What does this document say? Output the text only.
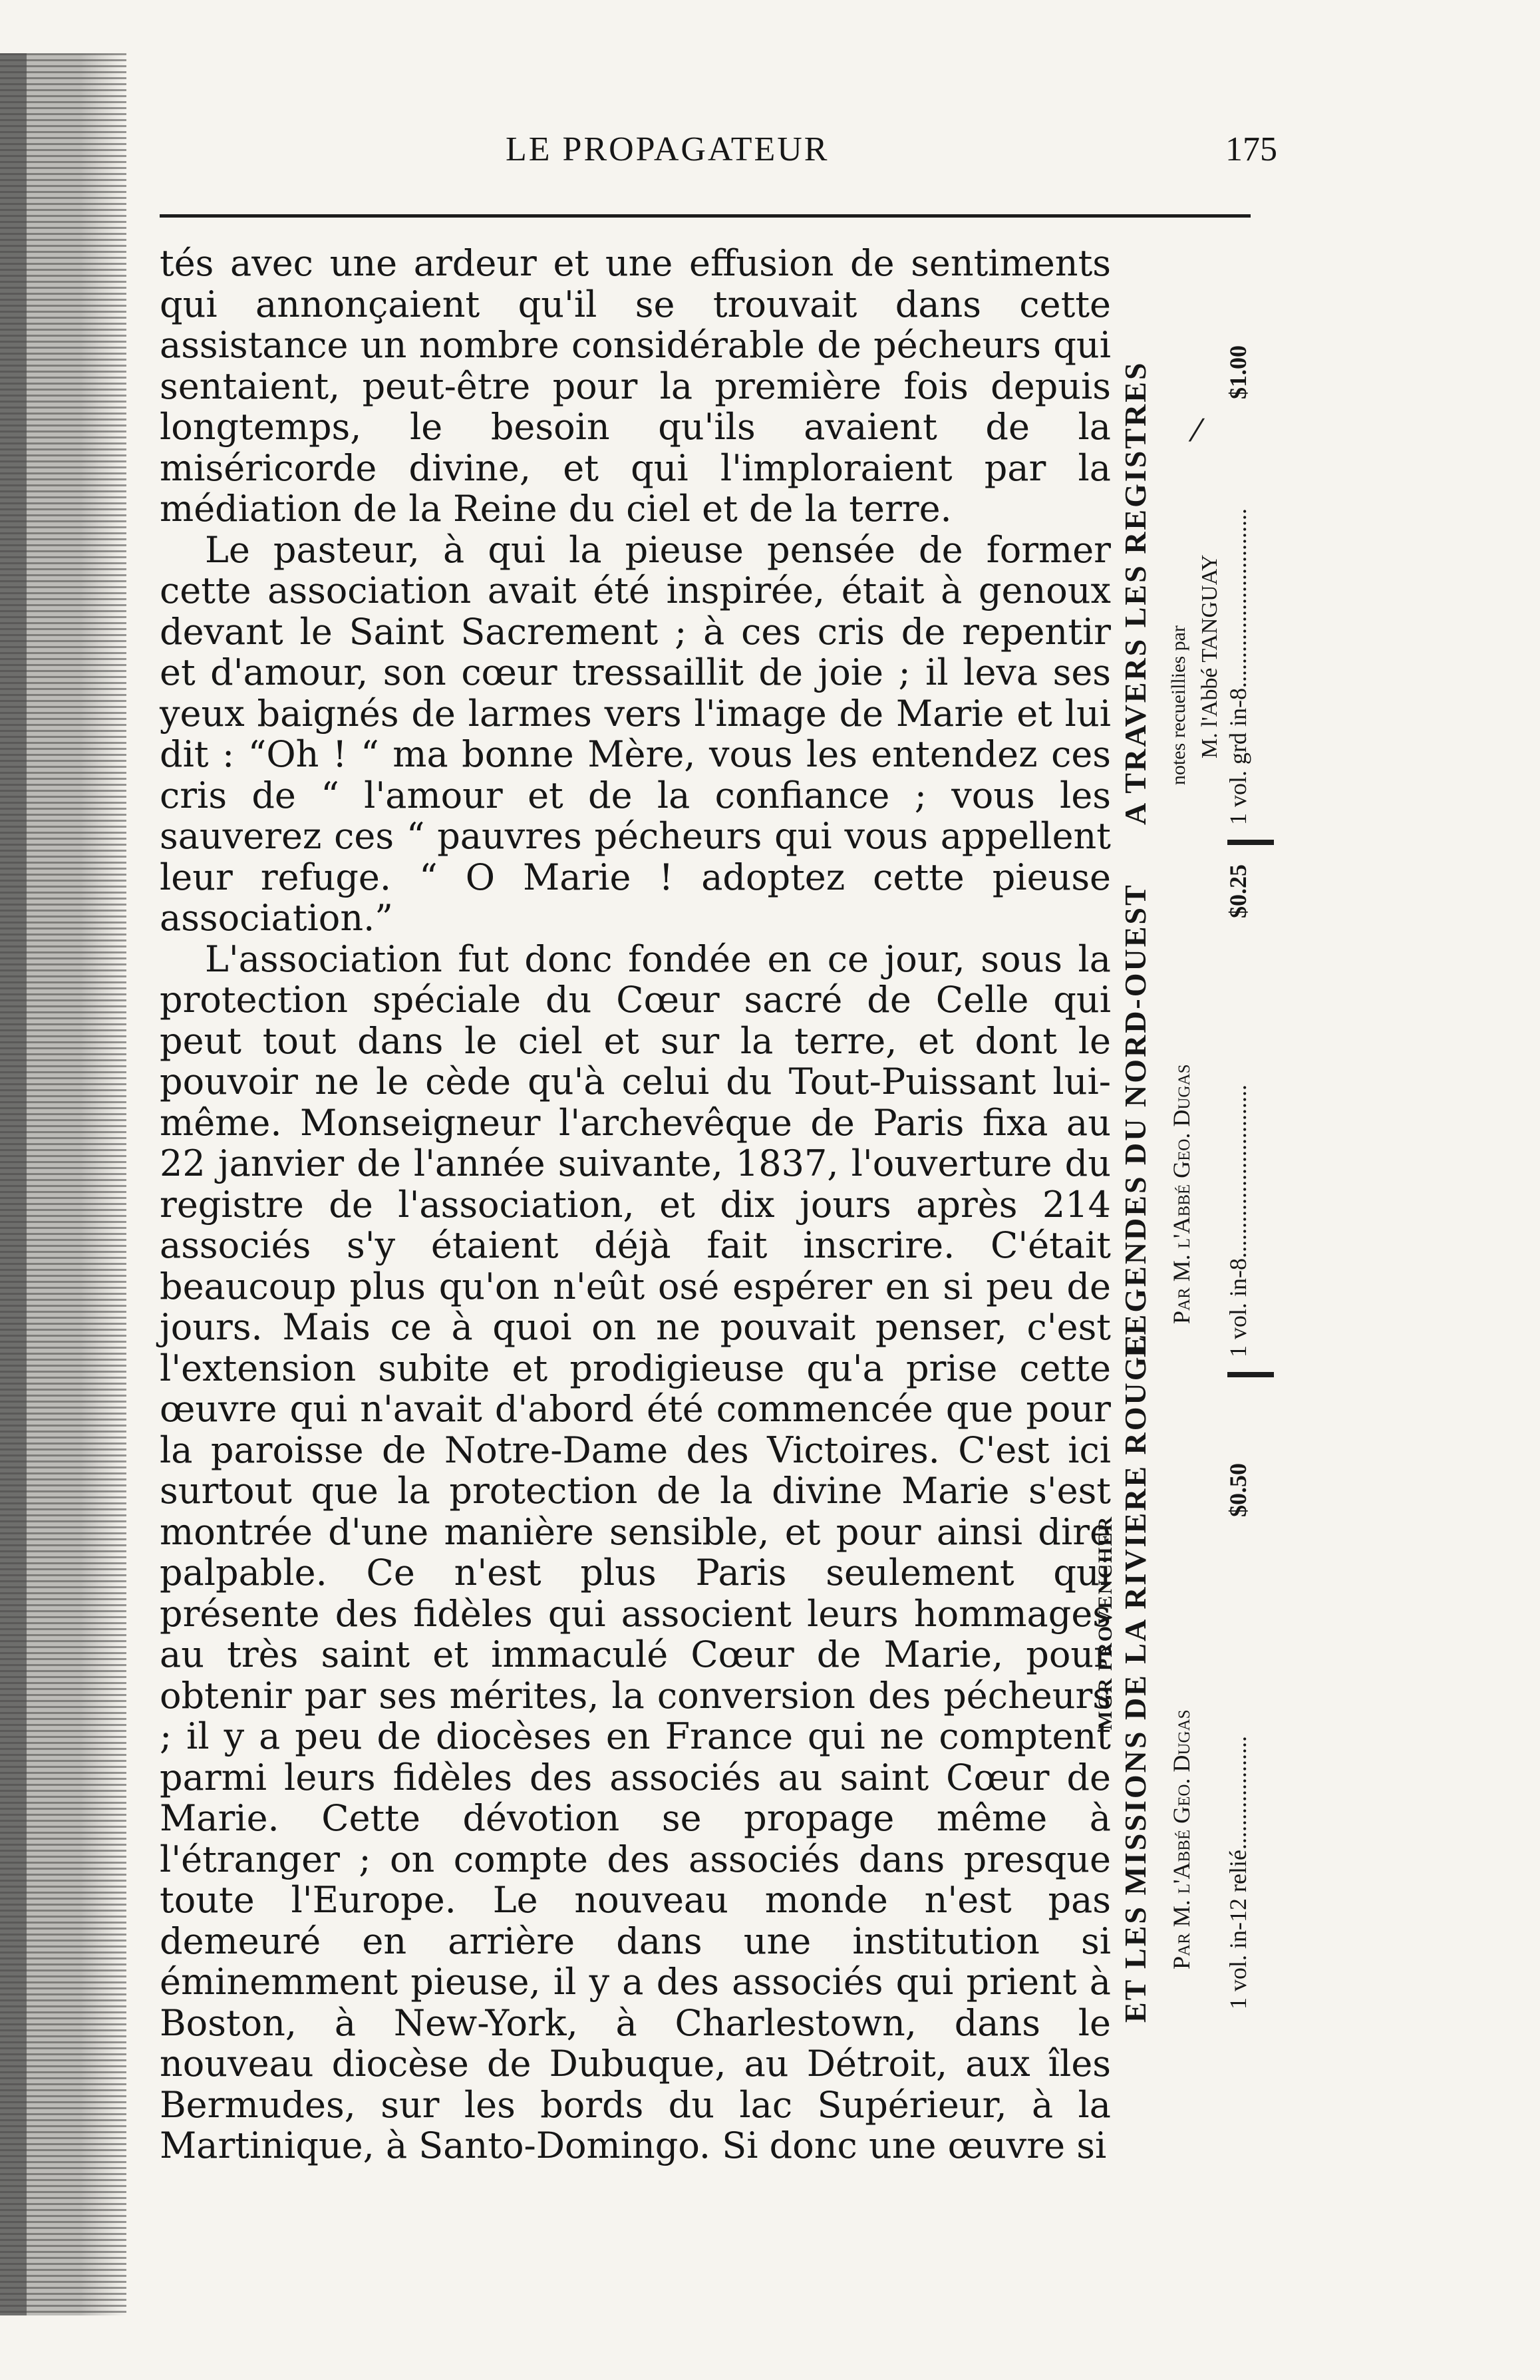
LE PROPAGATEUR	175

tés avec une ardeur et une effusion de sentiments qui annonçaient qu'il se trouvait dans cette assistance un nombre considérable de pécheurs qui sentaient, peut-être pour la première fois depuis longtemps, le besoin qu'ils avaient de la miséricorde divine, et qui l'imploraient par la médiation de la Reine du ciel et de la terre.

Le pasteur, à qui la pieuse pensée de former cette association avait été inspirée, était à genoux devant le Saint Sacrement ; à ces cris de repentir et d'amour, son cœur tressaillit de joie ; il leva ses yeux baignés de larmes vers l'image de Marie et lui dit : “Oh ! “ ma bonne Mère, vous les entendez ces cris de “ l'amour et de la confiance ; vous les sauverez ces “ pauvres pécheurs qui vous appellent leur refuge. “ O Marie ! adoptez cette pieuse association.”

L'association fut donc fondée en ce jour, sous la protection spéciale du Cœur sacré de Celle qui peut tout dans le ciel et sur la terre, et dont le pouvoir ne le cède qu'à celui du Tout-Puissant lui-même. Monseigneur l'archevêque de Paris fixa au 22 janvier de l'année suivante, 1837, l'ouverture du registre de l'association, et dix jours après 214 associés s'y étaient déjà fait inscrire. C'était beaucoup plus qu'on n'eût osé espérer en si peu de jours. Mais ce à quoi on ne pouvait penser, c'est l'extension subite et prodigieuse qu'a prise cette œuvre qui n'avait d'abord été commencée que pour la paroisse de Notre-Dame des Victoires. C'est ici surtout que la protection de la divine Marie s'est montrée d'une manière sensible, et pour ainsi dire palpable. Ce n'est plus Paris seulement qui présente des fidèles qui associent leurs hommages au très saint et immaculé Cœur de Marie, pour obtenir par ses mérites, la conversion des pécheurs ; il y a peu de diocèses en France qui ne comptent parmi leurs fidèles des associés au saint Cœur de Marie. Cette dévotion se propage même à l'étranger ; on compte des associés dans presque toute l'Europe. Le nouveau monde n'est pas demeuré en arrière dans une institution si éminemment pieuse, il y a des associés qui prient à Boston, à New-York, à Charlestown, dans le nouveau diocèse de Dubuque, au Détroit, aux îles Bermudes, sur les bords du lac Supérieur, à la Martinique, à Santo-Domingo. Si donc une œuvre si

ET LES MISSIONS DE LA RIVIERE ROUGE
MGR PROVENCHER
LEGENDES DU NORD-OUEST
A TRAVERS LES REGISTRES
Par M. l'Abbé Geo. Dugas
Par M. l'Abbé Geo. Dugas
notes recueillies par M. l'Abbé TANGUAY
1 vol. in-12 relié...................
$0.50
1 vol. in-8.............................
$0.25
1 vol. grd in-8..............................
$1.00
⁄
